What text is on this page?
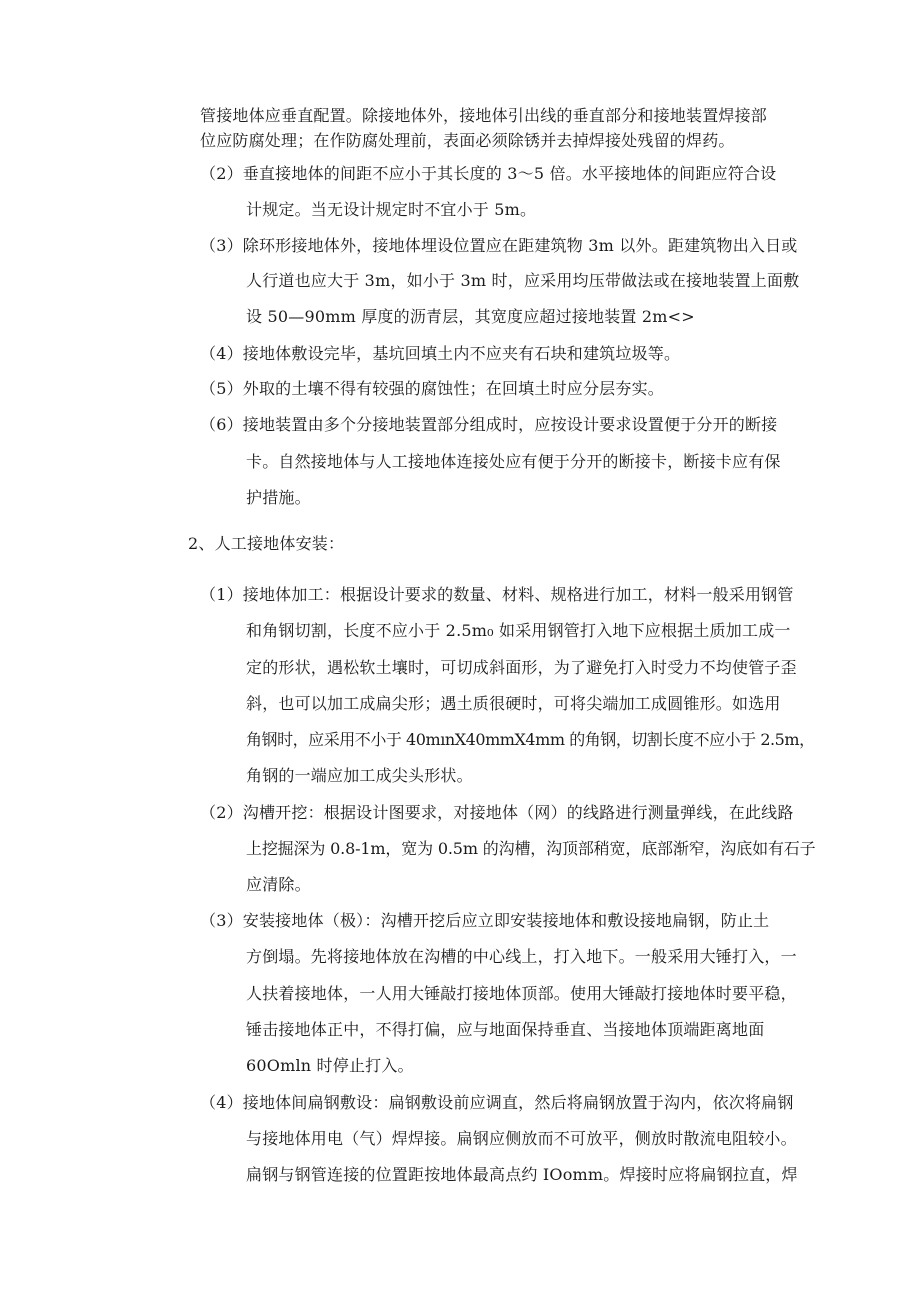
管接地体应垂直配置。除接地体外，接地体引出线的垂直部分和接地装置焊接部
位应防腐处理；在作防腐处理前，表面必须除锈并去掉焊接处残留的焊药。
（2）垂直接地体的间距不应小于其长度的 3～5 倍。水平接地体的间距应符合设
计规定。当无设计规定时不宜小于 5m。
（3）除环形接地体外，接地体埋设位置应在距建筑物 3m 以外。距建筑物出入日或
人行道也应大于 3m，如小于 3m 时，应采用均压带做法或在接地装置上面敷
设 50—90mm 厚度的沥青层，其宽度应超过接地装置 2m<>
（4）接地体敷设完毕，基坑回填土内不应夹有石块和建筑垃圾等。
（5）外取的土壤不得有较强的腐蚀性；在回填土时应分层夯实。
（6）接地装置由多个分接地装置部分组成时，应按设计要求设置便于分开的断接
卡。自然接地体与人工接地体连接处应有便于分开的断接卡，断接卡应有保
护措施。
2、人工接地体安装：
（1）接地体加工：根据设计要求的数量、材料、规格进行加工，材料一般采用钢管
和角钢切割，长度不应小于 2.5m₀ 如采用钢管打入地下应根据土质加工成一
定的形状，遇松软土壤时，可切成斜面形，为了避免打入时受力不均使管子歪
斜，也可以加工成扁尖形；遇土质很硬时，可将尖端加工成圆锥形。如选用
角钢时，应采用不小于 40mınX40mmX4mm 的角钢，切割长度不应小于 2.5m，
角钢的一端应加工成尖头形状。
（2）沟槽开挖：根据设计图要求，对接地体（网）的线路进行测量弹线，在此线路
上挖掘深为 0.8-1m，宽为 0.5m 的沟槽，沟顶部稍宽，底部渐窄，沟底如有石子
应清除。
（3）安装接地体（极）：沟槽开挖后应立即安装接地体和敷设接地扁钢，防止土
方倒塌。先将接地体放在沟槽的中心线上，打入地下。一般采用大锤打入，一
人扶着接地体，一人用大锤敲打接地体顶部。使用大锤敲打接地体时要平稳，
锤击接地体正中，不得打偏，应与地面保持垂直、当接地体顶端距离地面
60Omln 时停止打入。
（4）接地体间扁钢敷设：扁钢敷设前应调直，然后将扁钢放置于沟内，依次将扁钢
与接地体用电（气）焊焊接。扁钢应侧放而不可放平，侧放时散流电阻较小。
扁钢与钢管连接的位置距按地体最高点约 IOomm。焊接时应将扁钢拉直，焊
